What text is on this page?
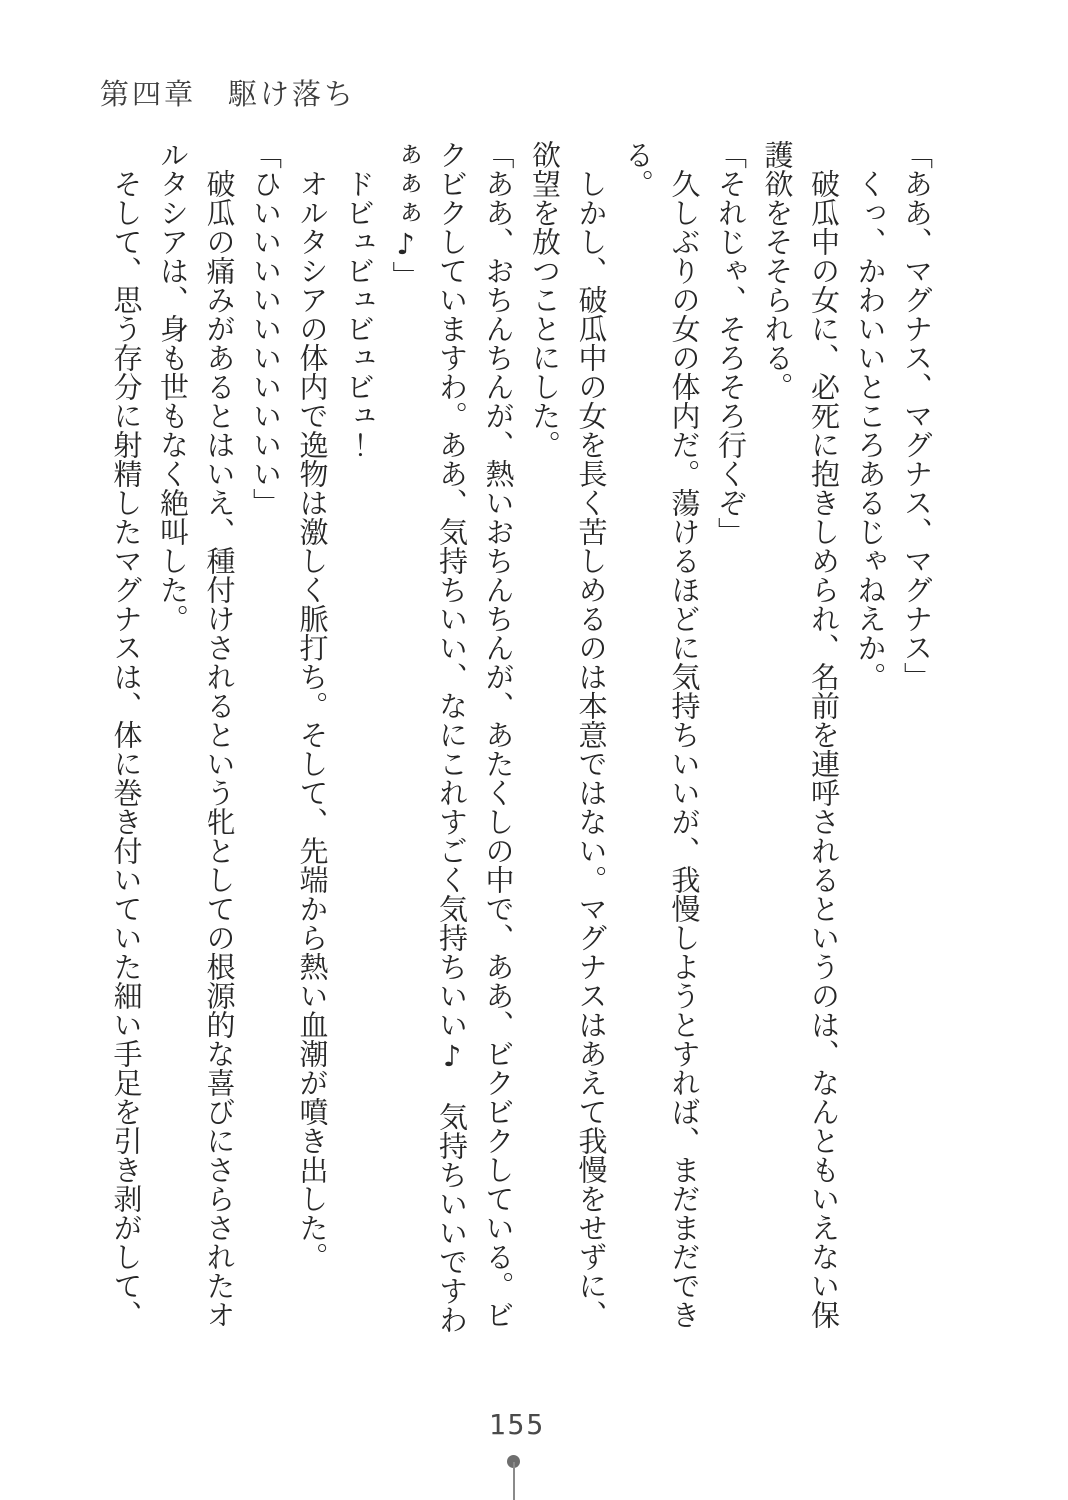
第四章　駆け落ち

「ああ、マグナス、マグナス、マグナス」

くっ、かわいいところあるじゃねえか。

破瓜中の女に、必死に抱きしめられ、名前を連呼されるというのは、なんともいえない保護欲をそそられる。

「それじゃ、そろそろ行くぞ」

久しぶりの女の体内だ。蕩けるほどに気持ちいいが、我慢しようとすれば、まだまだできる。

しかし、破瓜中の女を長く苦しめるのは本意ではない。マグナスはあえて我慢をせずに、欲望を放つことにした。

「ああ、おちんちんが、熱いおちんちんが、あたくしの中で、ああ、ビクビクしている。ビクビクしていますわ。ああ、気持ちいい、なにこれすごく気持ちいい♪　気持ちいいですわぁぁぁ♪」

ドビュビュビュビュ！

オルタシアの体内で逸物は激しく脈打ち。そして、先端から熱い血潮が噴き出した。

「ひいいいいいいいいいい」

破瓜の痛みがあるとはいえ、種付けされるという牝としての根源的な喜びにさらされたオルタシアは、身も世もなく絶叫した。

そして、思う存分に射精したマグナスは、体に巻き付いていた細い手足を引き剥がして、

155
